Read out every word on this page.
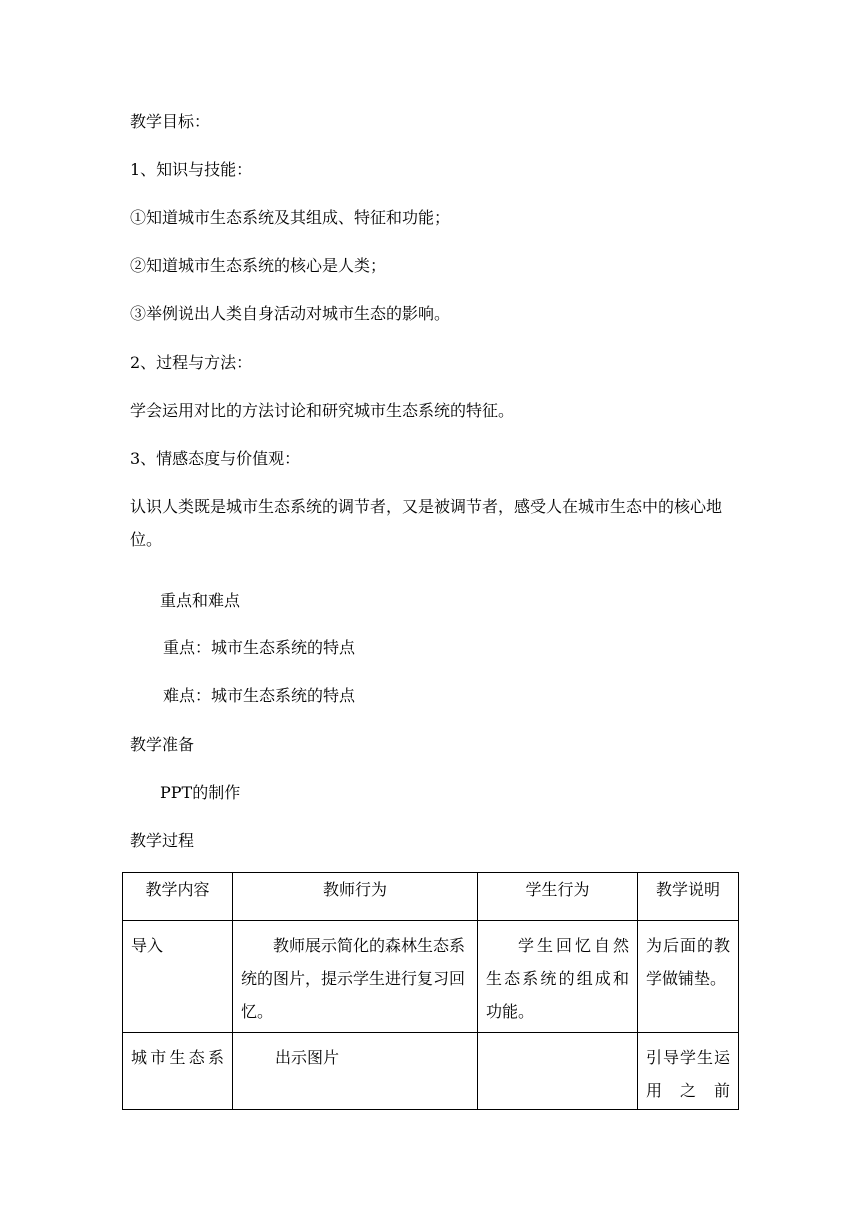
教学目标：
1、知识与技能：
①知道城市生态系统及其组成、特征和功能；
②知道城市生态系统的核心是人类；
③举例说出人类自身活动对城市生态的影响。
2、过程与方法：
学会运用对比的方法讨论和研究城市生态系统的特征。
3、情感态度与价值观：
认识人类既是城市生态系统的调节者，又是被调节者，感受人在城市生态中的核心地位。
重点和难点
重点：城市生态系统的特点
难点：城市生态系统的特点
教学准备
PPT的制作
教学过程
教学内容	教师行为	学生行为	教学说明
导入	教师展示简化的森林生态系统的图片，提示学生进行复习回忆。	学生回忆自然生态系统的组成和功能。	为后面的教学做铺垫。
城市生态系	出示图片		引导学生运用之前
